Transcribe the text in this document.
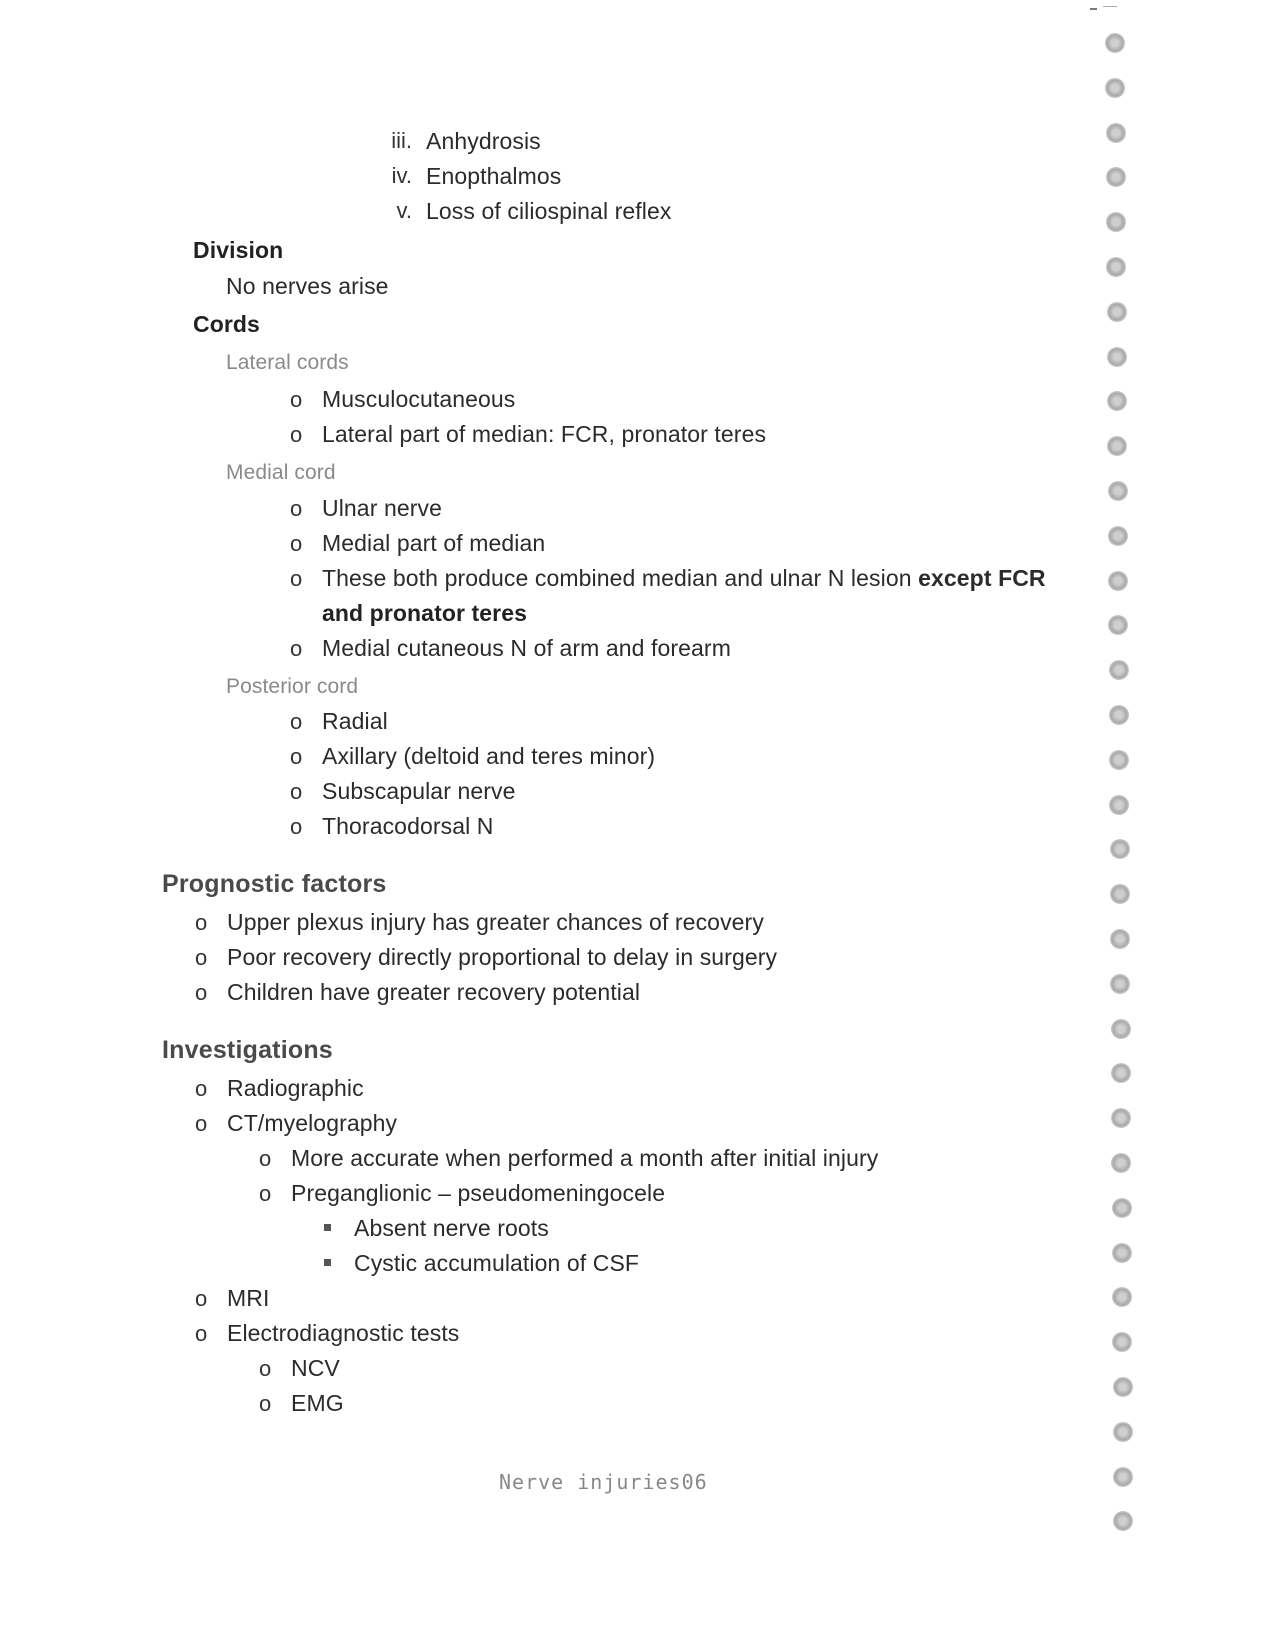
iii. Anhydrosis
iv. Enopthalmos
v. Loss of ciliospinal reflex
Division
No nerves arise
Cords
Lateral cords
o Musculocutaneous
o Lateral part of median: FCR, pronator teres
Medial cord
o Ulnar nerve
o Medial part of median
o These both produce combined median and ulnar N lesion except FCR
and pronator teres
o Medial cutaneous N of arm and forearm
Posterior cord
o Radial
o Axillary (deltoid and teres minor)
o Subscapular nerve
o Thoracodorsal N
Prognostic factors
o Upper plexus injury has greater chances of recovery
o Poor recovery directly proportional to delay in surgery
o Children have greater recovery potential
Investigations
o Radiographic
o CT/myelography
o More accurate when performed a month after initial injury
o Preganglionic – pseudomeningocele
Absent nerve roots
Cystic accumulation of CSF
o MRI
o Electrodiagnostic tests
o NCV
o EMG
Nerve injuries06
